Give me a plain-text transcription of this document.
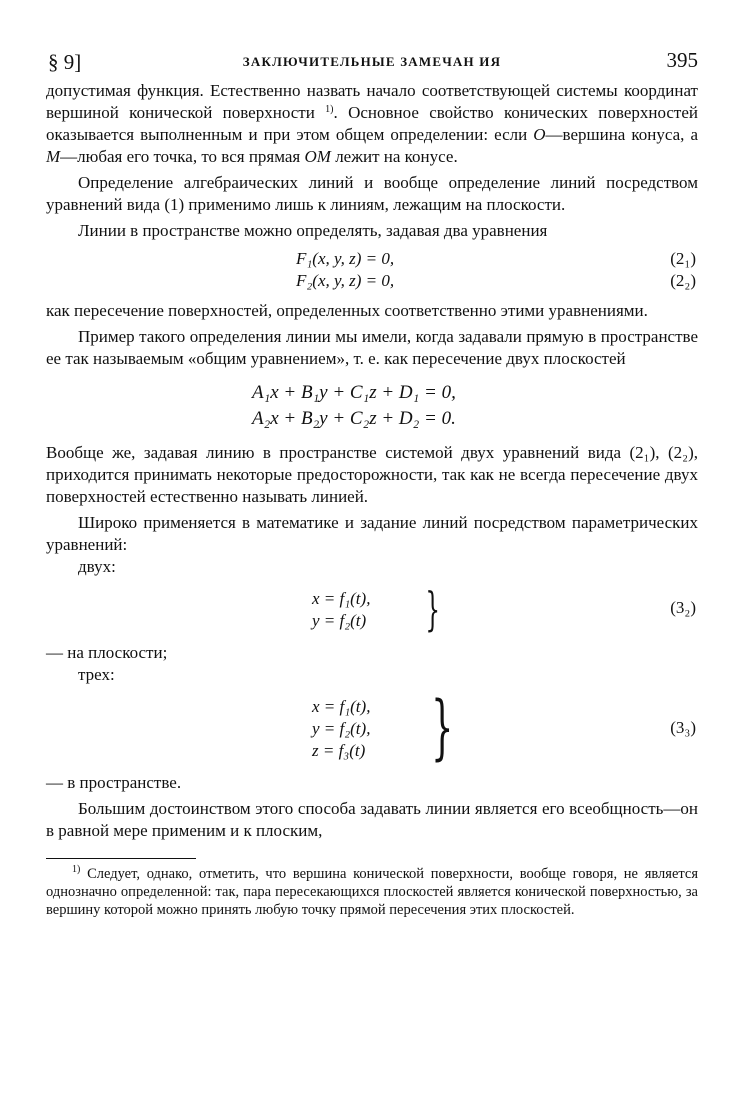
§ 9]	ЗАКЛЮЧИТЕЛЬНЫЕ ЗАМЕЧАН ИЯ	395

допустимая функция. Естественно назвать начало соответствующей системы координат вершиной конической поверхности $^{1)}$. Основное свойство конических поверхностей оказывается выполненным и при этом общем определении: если O—вершина конуса, а M—любая его точка, то вся прямая OM лежит на конусе.

Определение алгебраических линий и вообще определение линий посредством уравнений вида (1) применимо лишь к линиям, лежащим на плоскости.

Линии в пространстве можно определять, задавая два уравнения

F₁(x, y, z) = 0,	(2₁)
F₂(x, y, z) = 0,	(2₂)

как пересечение поверхностей, определенных соответственно этими уравнениями.

Пример такого определения линии мы имели, когда задавали прямую в пространстве ее так называемым «общим уравнением», т. е. как пересечение двух плоскостей

A₁x + B₁y + C₁z + D₁ = 0,
A₂x + B₂y + C₂z + D₂ = 0.

Вообще же, задавая линию в пространстве системой двух уравнений вида (2₁), (2₂), приходится принимать некоторые предосторожности, так как не всегда пересечение двух поверхностей естественно называть линией.

Широко применяется в математике и задание линий посредством параметрических уравнений:

двух:

x = f₁(t),
y = f₂(t) }	(3₂)

— на плоскости;

трех:

x = f₁(t),
y = f₂(t),
z = f₃(t) }	(3₃)

— в пространстве.

Большим достоинством этого способа задавать линии является его всеобщность—он в равной мере применим и к плоским,

$^{1)}$ Следует, однако, отметить, что вершина конической поверхности, вообще говоря, не является однозначно определенной: так, пара пересекающихся плоскостей является конической поверхностью, за вершину которой можно принять любую точку прямой пересечения этих плоскостей.
